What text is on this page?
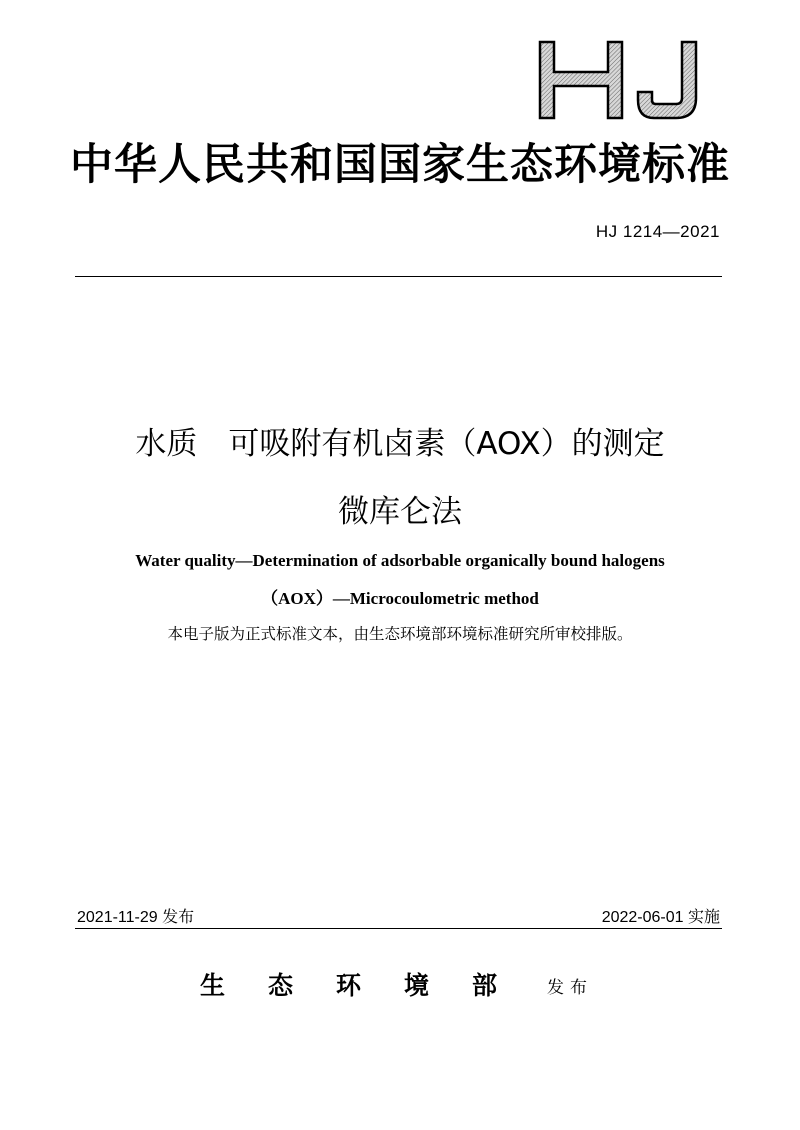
中华人民共和国国家生态环境标准
HJ 1214—2021
水质　可吸附有机卤素（AOX）的测定
微库仑法
Water quality—Determination of adsorbable organically bound halogens
（AOX）—Microcoulometric method
本电子版为正式标准文本，由生态环境部环境标准研究所审校排版。
2021-11-29 发布	2022-06-01 实施
生态环境部 发布
